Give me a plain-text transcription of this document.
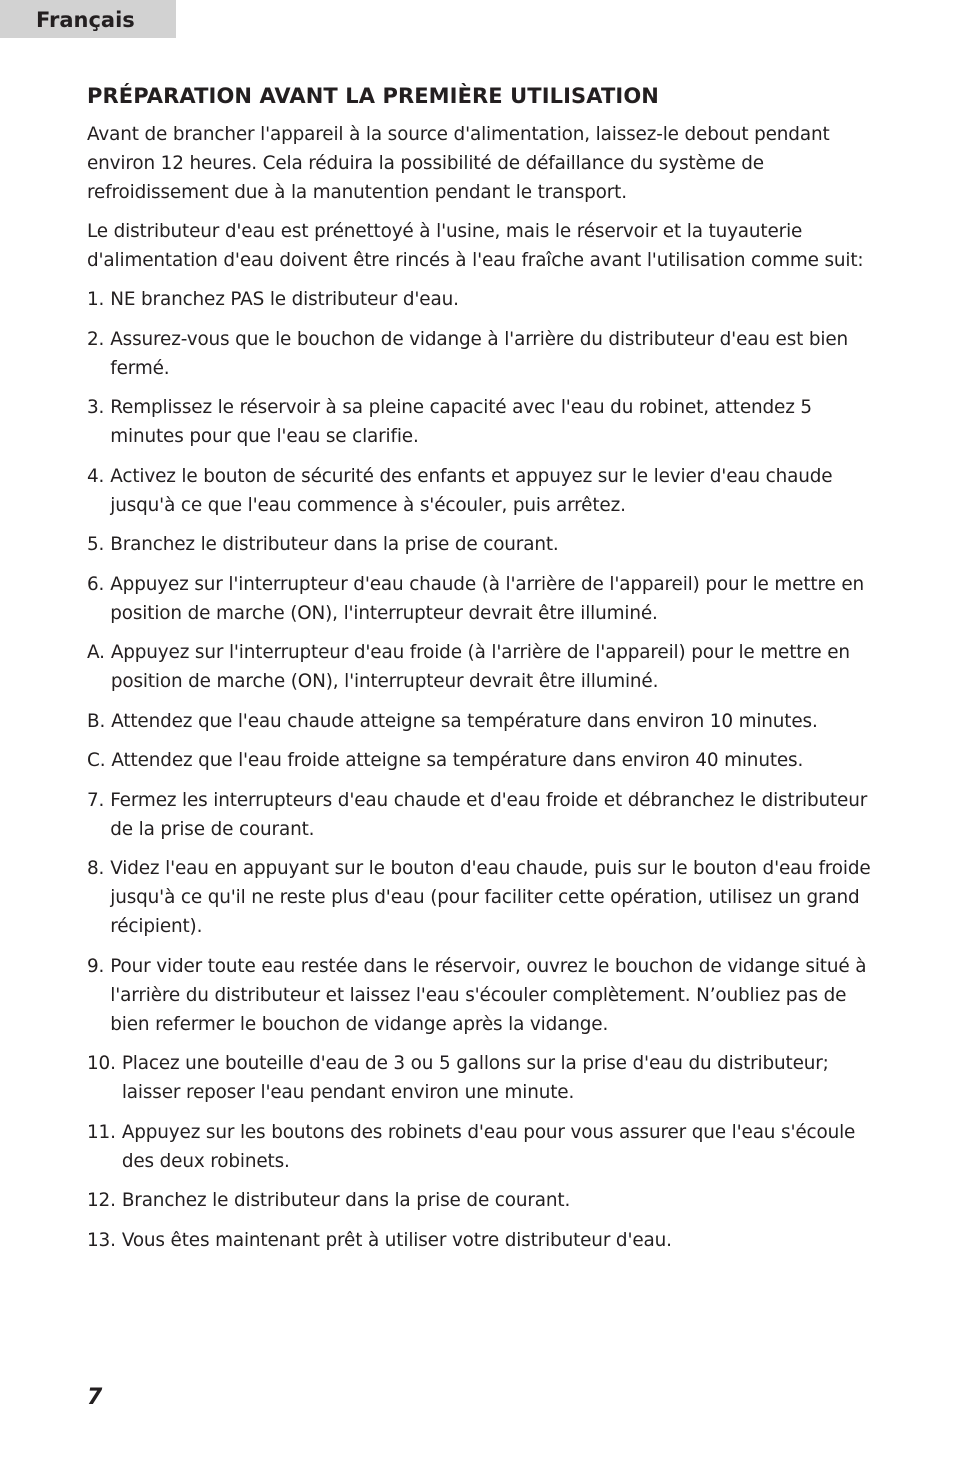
Français
PRÉPARATION AVANT LA PREMIÈRE UTILISATION

Avant de brancher l'appareil à la source d'alimentation, laissez-le debout pendant environ 12 heures. Cela réduira la possibilité de défaillance du système de refroidissement due à la manutention pendant le transport.

Le distributeur d'eau est prénettoyé à l'usine, mais le réservoir et la tuyauterie d'alimentation d'eau doivent être rincés à l'eau fraîche avant l'utilisation comme suit:

1. NE branchez PAS le distributeur d'eau.
2. Assurez-vous que le bouchon de vidange à l'arrière du distributeur d'eau est bien fermé.
3. Remplissez le réservoir à sa pleine capacité avec l'eau du robinet, attendez 5 minutes pour que l'eau se clarifie.
4. Activez le bouton de sécurité des enfants et appuyez sur le levier d'eau chaude jusqu'à ce que l'eau commence à s'écouler, puis arrêtez.
5. Branchez le distributeur dans la prise de courant.
6. Appuyez sur l'interrupteur d'eau chaude (à l'arrière de l'appareil) pour le mettre en position de marche (ON), l'interrupteur devrait être illuminé.
A. Appuyez sur l'interrupteur d'eau froide (à l'arrière de l'appareil) pour le mettre en position de marche (ON), l'interrupteur devrait être illuminé.
B. Attendez que l'eau chaude atteigne sa température dans environ 10 minutes.
C. Attendez que l'eau froide atteigne sa température dans environ 40 minutes.
7. Fermez les interrupteurs d'eau chaude et d'eau froide et débranchez le distributeur de la prise de courant.
8. Videz l'eau en appuyant sur le bouton d'eau chaude, puis sur le bouton d'eau froide jusqu'à ce qu'il ne reste plus d'eau (pour faciliter cette opération, utilisez un grand récipient).
9. Pour vider toute eau restée dans le réservoir, ouvrez le bouchon de vidange situé à l'arrière du distributeur et laissez l'eau s'écouler complètement. N’oubliez pas de bien refermer le bouchon de vidange après la vidange.
10. Placez une bouteille d'eau de 3 ou 5 gallons sur la prise d'eau du distributeur; laisser reposer l'eau pendant environ une minute.
11. Appuyez sur les boutons des robinets d'eau pour vous assurer que l'eau s'écoule des deux robinets.
12. Branchez le distributeur dans la prise de courant.
13. Vous êtes maintenant prêt à utiliser votre distributeur d'eau.
7
